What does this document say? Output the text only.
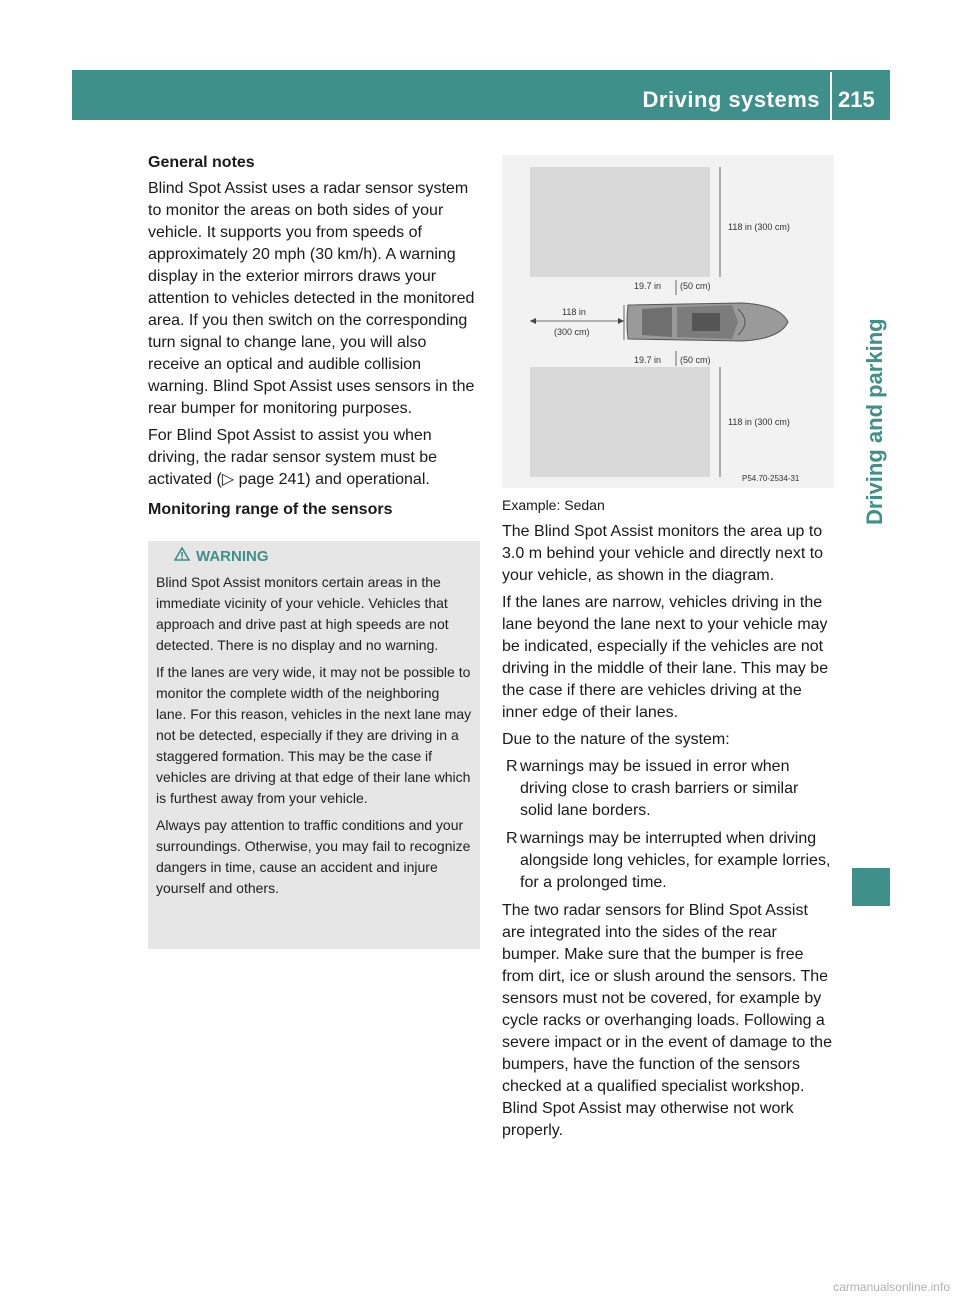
Driving systems 215
Driving and parking
General notes

Blind Spot Assist uses a radar sensor system to monitor the areas on both sides of your vehicle. It supports you from speeds of approximately 20 mph (30 km/h). A warning display in the exterior mirrors draws your attention to vehicles detected in the monitored area. If you then switch on the corresponding turn signal to change lane, you will also receive an optical and audible collision warning. Blind Spot Assist uses sensors in the rear bumper for monitoring purposes.

For Blind Spot Assist to assist you when driving, the radar sensor system must be activated (▷ page 241) and operational.

Monitoring range of the sensors
WARNING

Blind Spot Assist monitors certain areas in the immediate vicinity of your vehicle. Vehicles that approach and drive past at high speeds are not detected. There is no display and no warning.

If the lanes are very wide, it may not be possible to monitor the complete width of the neighboring lane. For this reason, vehicles in the next lane may not be detected, especially if they are driving in a staggered formation. This may be the case if vehicles are driving at that edge of their lane which is furthest away from your vehicle.

Always pay attention to traffic conditions and your surroundings. Otherwise, you may fail to recognize dangers in time, cause an accident and injure yourself and others.

118 in (300 cm)
118 in (300 cm)
19.7 in (50 cm)
19.7 in (50 cm)
118 in
(300 cm)
P54.70-2534-31

Example: Sedan

The Blind Spot Assist monitors the area up to 3.0 m behind your vehicle and directly next to your vehicle, as shown in the diagram.

If the lanes are narrow, vehicles driving in the lane beyond the lane next to your vehicle may be indicated, especially if the vehicles are not driving in the middle of their lane. This may be the case if there are vehicles driving at the inner edge of their lanes.

Due to the nature of the system:

R warnings may be issued in error when driving close to crash barriers or similar solid lane borders.
R warnings may be interrupted when driving alongside long vehicles, for example lorries, for a prolonged time.

The two radar sensors for Blind Spot Assist are integrated into the sides of the rear bumper. Make sure that the bumper is free from dirt, ice or slush around the sensors. The sensors must not be covered, for example by cycle racks or overhanging loads. Following a severe impact or in the event of damage to the bumpers, have the function of the sensors checked at a qualified specialist workshop. Blind Spot Assist may otherwise not work properly.

carmanualsonline.info
